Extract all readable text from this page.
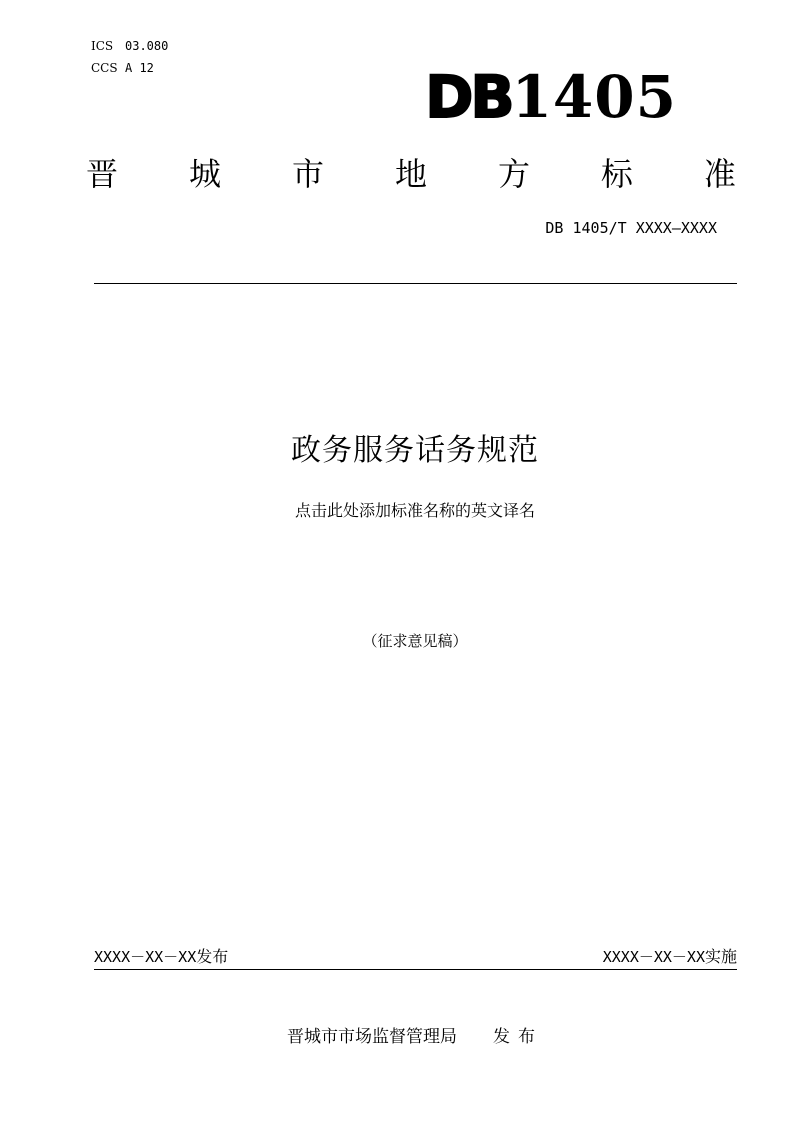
ICS 03.080
CCS A 12	DB1405
晋 城 市 地 方 标 准
DB 1405/T XXXX—XXXX
政务服务话务规范
点击此处添加标准名称的英文译名
（征求意见稿）
XXXX－XX－XX发布	XXXX－XX－XX实施
晋城市市场监督管理局 发布
